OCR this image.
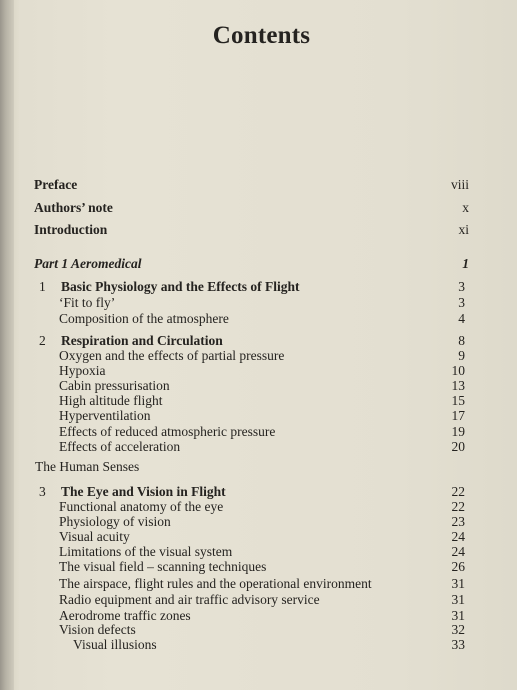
Contents
Preface	viii
Authors’ note	x
Introduction	xi
Part 1 Aeromedical	1
1 Basic Physiology and the Effects of Flight	3
‘Fit to fly’	3
Composition of the atmosphere	4
2 Respiration and Circulation	8
Oxygen and the effects of partial pressure	9
Hypoxia	10
Cabin pressurisation	13
High altitude flight	15
Hyperventilation	17
Effects of reduced atmospheric pressure	19
Effects of acceleration	20
The Human Senses
3 The Eye and Vision in Flight	22
Functional anatomy of the eye	22
Physiology of vision	23
Visual acuity	24
Limitations of the visual system	24
The visual field – scanning techniques	26
The airspace, flight rules and the operational environment	31
Radio equipment and air traffic advisory service	31
Aerodrome traffic zones	31
Vision defects	32
Visual illusions	33
